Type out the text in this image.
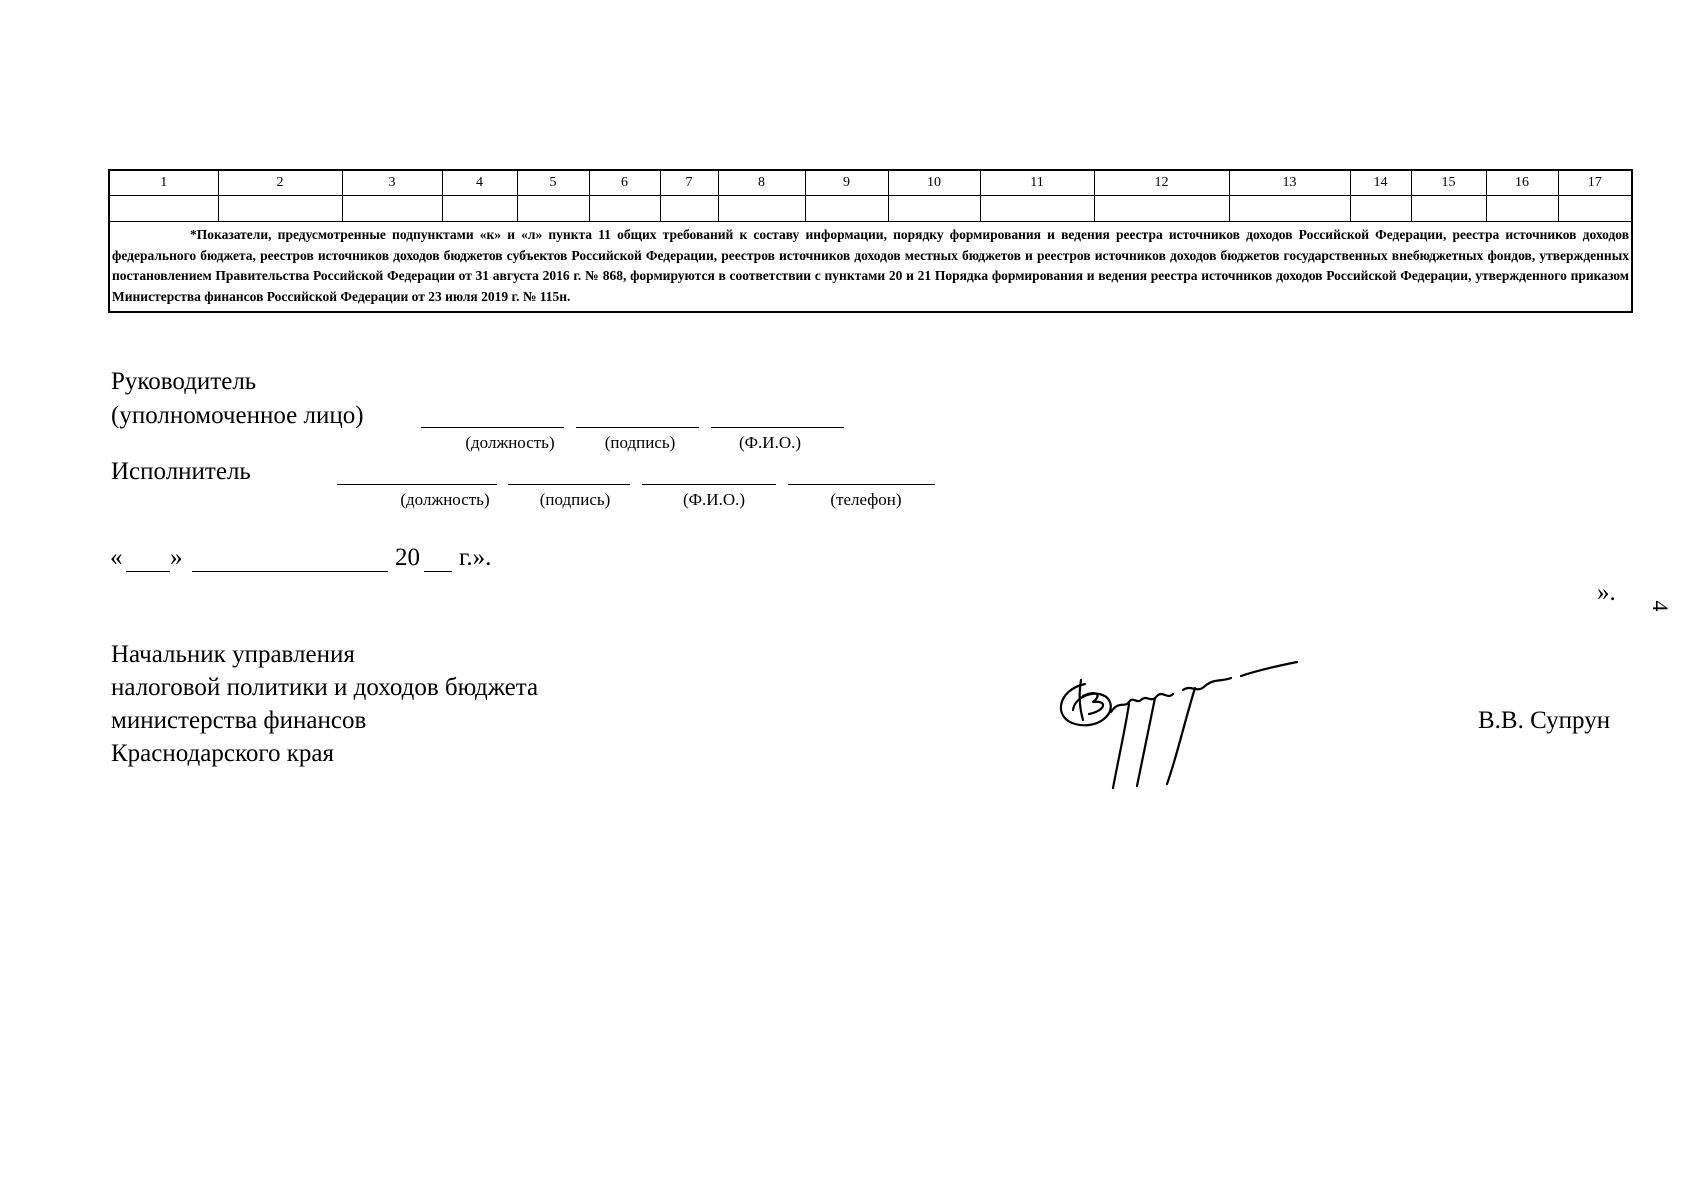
1	2	3	4	5	6	7	8	9	10	11	12	13	14	15	16	17

*Показатели, предусмотренные подпунктами «к» и «л» пункта 11 общих требований к составу информации, порядку формирования и ведения реестра источников доходов Российской Федерации, реестра источников доходов федерального бюджета, реестров источников доходов бюджетов субъектов Российской Федерации, реестров источников доходов местных бюджетов и реестров источников доходов бюджетов государственных внебюджетных фондов, утвержденных постановлением Правительства Российской Федерации от 31 августа 2016 г. № 868, формируются в соответствии с пунктами 20 и 21 Порядка формирования и ведения реестра источников доходов Российской Федерации, утвержденного приказом Министерства финансов Российской Федерации от 23 июля 2019 г. № 115н.																
Руководитель
(уполномоченное лицо)
(должность)	(подпись)	(Ф.И.О.)
Исполнитель
(должность)	(подпись)	(Ф.И.О.)	(телефон)
« »	20 г.».
». 4
Начальник управления
налоговой политики и доходов бюджета
министерства финансов
Краснодарского края
В	В.В. Супрун
